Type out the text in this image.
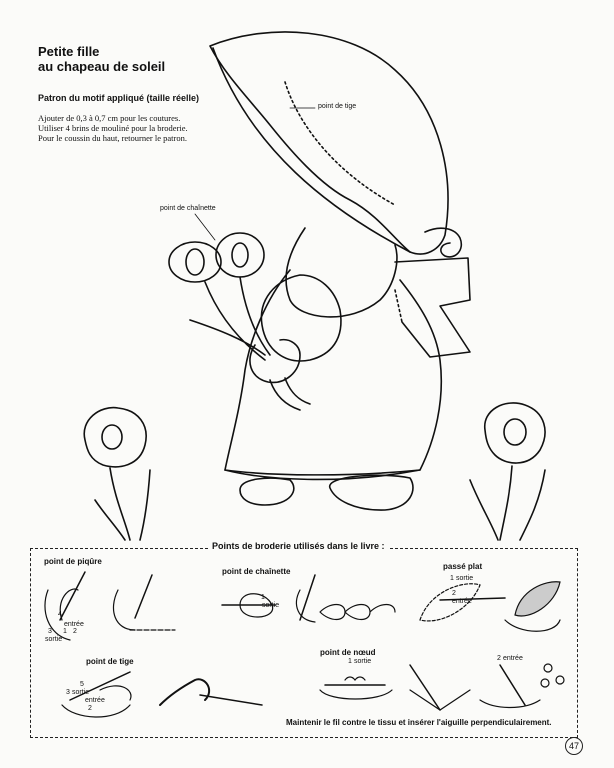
Petite fille
au chapeau de soleil
Patron du motif appliqué (taille réelle)
Ajouter de 0,3 à 0,7 cm pour les coutures.
Utiliser 4 brins de mouliné pour la broderie.
Pour le coussin du haut, retourner le patron.
point de tige
point de chaînette
Points de broderie utilisés dans le livre :
point de piqûre
point de chaînette
passé plat
point de tige
point de nœud
4
entrée
3 1 2
sortie
1
sortie
1 sortie
2
entrée
5
3 sortie
entrée
2
1 sortie	2 entrée
Maintenir le fil contre le tissu et insérer l'aiguille perpendiculairement.
47
